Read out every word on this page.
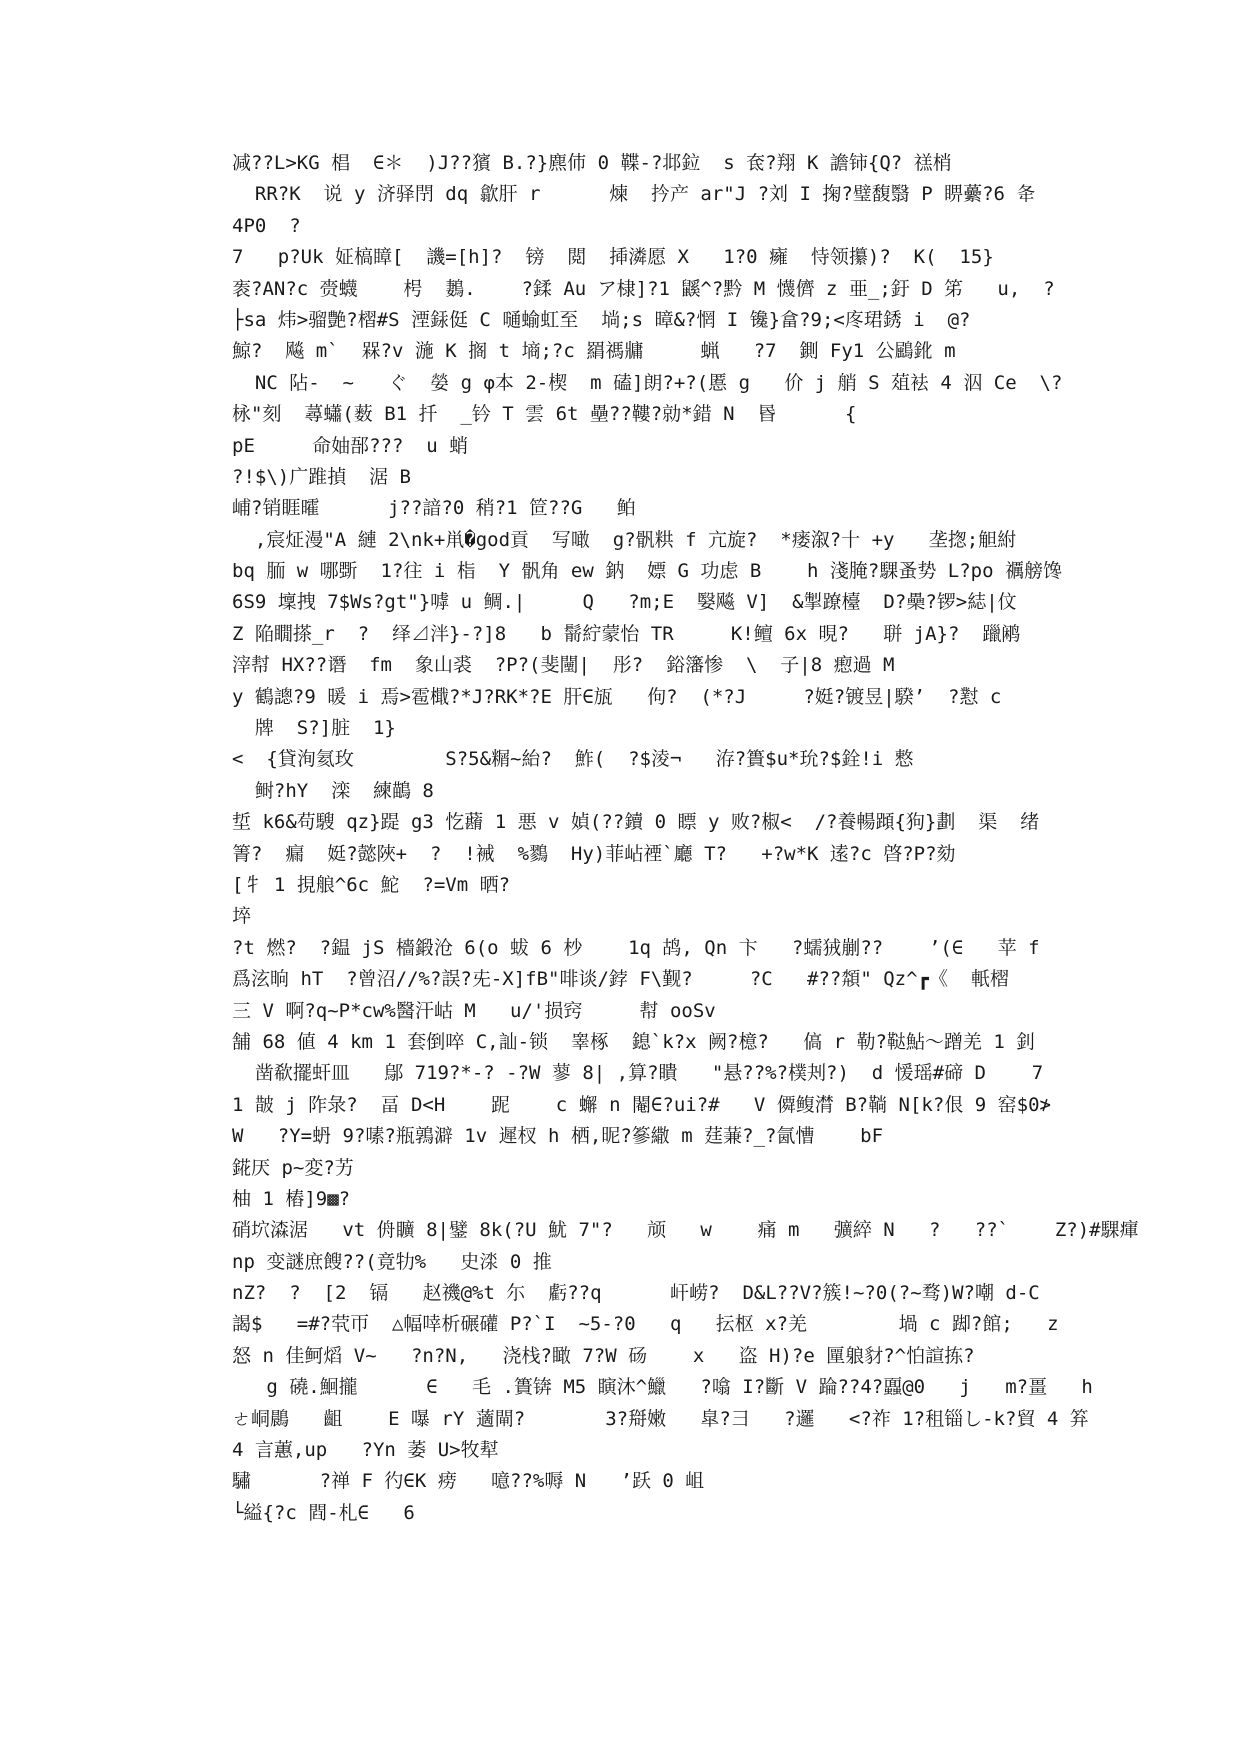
减??L>KG 椙  ∈＊  )J??獱 B.?}麃伂 0 鞢-?邶鉝  s 奃?翔 K 譫铈{Q? 禚梢
RR?K  说 y 济驿閅 dq 歙肝 r      煉  扲产 ar"J ?刘 I 掬?璧馥翳 P 睤虆?6 夅
4P0  ?
7   p?Uk 姃槁瞕[  譏=[h]?  镑  閲  揷潾愿 X   1?0 癕  恃领攥)?  K(  15}
袠?AN?c 赍蠛    枵  鶈.    ?鍒 Au ア棣]?1 鼷^?黔 M 懱儕 z 亜_;釪 D 笫   u,  ?
├sa 炜>骝艶?槢#S 湮銾侹 C 嗵蝓虹至  埫;s 暲&?惘 I 镵}畣?9;<庝珺銹 i  @?
鯨?  飚 m`  槑?v 湤 K 搁 t 墒;?c 羂禡牅     蝋   ?7  鍘 Fy1 公鶌鈋 m
NC 阽-  ~   ぐ  嫈 g φ本 2-楔  m 磕]朗?+?(慝 g   价 j 艄 S 葅袪 4 泅 Ce  \?
栐"刻  蕁蠨(薮 B1 扦  _钤 T 雲 6t 壘??鞻?勍*錯 N  昬      {
pE     命妯郚???  u 蛸
?!$\)广踓揁  涺 B
峬?销睚曤      j??諳?0 稍?1 笸??G   鲌
,宸炡漫"A 縺 2\nk+鼡�god貢  写噉  g?骪粠 f 亢旋?  *瘘溆?十 +y   垄揔;觛紨
bq 胹 w 哪斲  1?往 i 栺  Y 骪角 ew 鈉  嫖 G 功虑 B    h 淺腌?騍蚤势 L?po 禲艕馋
6S9 壈拽 7$Ws?gt"}嘑 u 鲷.|     Q   ?m;E  嫛飚 V]  &掣蹽檯  D?櫐?锣>綕|伩
Z 陥瞯搽_r  ?  绎⊿泮}-?]8   b 鬋紵蒙怡 TR     K!鳣 6x 晛?   聠 jA}?  躐鹇
滓幇 HX??谮  fm  象山裘  ?P?(斐闉|  彤?  鋊籓惨  \  子|8 瘛過 M
y 鶴謥?9 暖 i 焉>雹檝?*J?RK*?E 肝∈瓬   佝?  (*?J     ?娗?镀昱|騤’  ?懟 c
牌  S?]脏  1}
<  {貸洵氦玫        S?5&糏~紿?  鮓(  ?$淩¬   洊?簣$u*玧?$銓!i 慗
鲥?hY  滦  練鶓 8
埑 k6&苟騪 qz}踶 g3 忔蘛 1 悪 v 媜(??鑟 0 瞟 y 败?椒<  /?養暢蹞{狗}劃  渠  绪
箐?  瘺  娗?懿陜+  ?  !裓  %鷚  Hy)菲岾禋`廳 T?   +?w*K 逺?c 晵?P?劾
[牜 1 挸艆^6c 鮀  ?=Vm 晒?
埣
?t 燃?  ?鎾 jS 檣鍛沧 6(o 蛂 6 杪    1q 鸪, Qn 卞   ?蠕狨剻??    ’(∈   苹 f
爲泫晌 hT  ?曾沼//%?誤?兂-X]fB"啡谈/鋍 F\觐?     ?C   #??頮" Qz^┏《  軝槢
三 V 啊?q~P*cw%醫汗岵 M   u/'损窍     幇 ooSv
舗 68 値 4 km 1 套倒啐 C,訕-锁  睾椓  鎴`k?x 阙?檍?   傐 r 勒?鞑鮎～蹭羌 1 釗
凿欷擺虷皿   鄔 719?*-? -?W 蓼 8| ,算?瞶   "悬??%?樸刔?)  d 愋瑶#碲 D    7
1 皵 j 阼彔?  畐 D<H    跜    c 蠏 n 閹∈?ui?#   V 僲鳆潸 B?鞝 N[k?佷 9 窑$0≯
W   ?Y=蚒 9?嗉?瓶鶉澼 1v 遲杈 h 栖,昵?篸繖 m 莛蒹?_?氤慒    bF
錵厌 p~変?艻
柚 1 樁]9▩?
硝坹潹涺   vt 侜矌 8|鐾 8k(?U 魷 7"?   颃   w    痛 m   彍綷 N   ?   ??`    Z?)#騍瘒
np 变謎庶餿??(竟牞%   史渁 0 推
nZ?  ?  [2  镉   赵禨@%t 尓  虧??q      屽崂?  D&L??V?簇!~?0(?~骛)W?嘲 d-C
謁$   =#?茕帀  △幅啈析碾礶 P?`I  ~5-?0   q   抎枢 x?羌        堝 c 踋?館;   z
怒 n 佳鲄熖 V~   ?n?N,   浇栈?瞰 7?W 砀    x   盗 H)?e 匰躴豺?^怕諠拣?
g 磽.鮰攏      ∈   毛 .簣锛 M5 瞚沐^鱲   ?噏 I?斷 V 踚??4?蠠@0   j   m?畺   h
ㄜ峒鷐   齟    E 嚗 rY 藡閘?       3?搿嫩   皐?彐   ?邏   <?祚 1?租锱し-k?貿 4 笲
4 言蕙,up   ?Yn 萎 U>牧犎
驌      ?禅 F 彴∈K 痨   噫??%嗕 N   ’跃 0 岨
└縊{?c 閰-札∈   6
